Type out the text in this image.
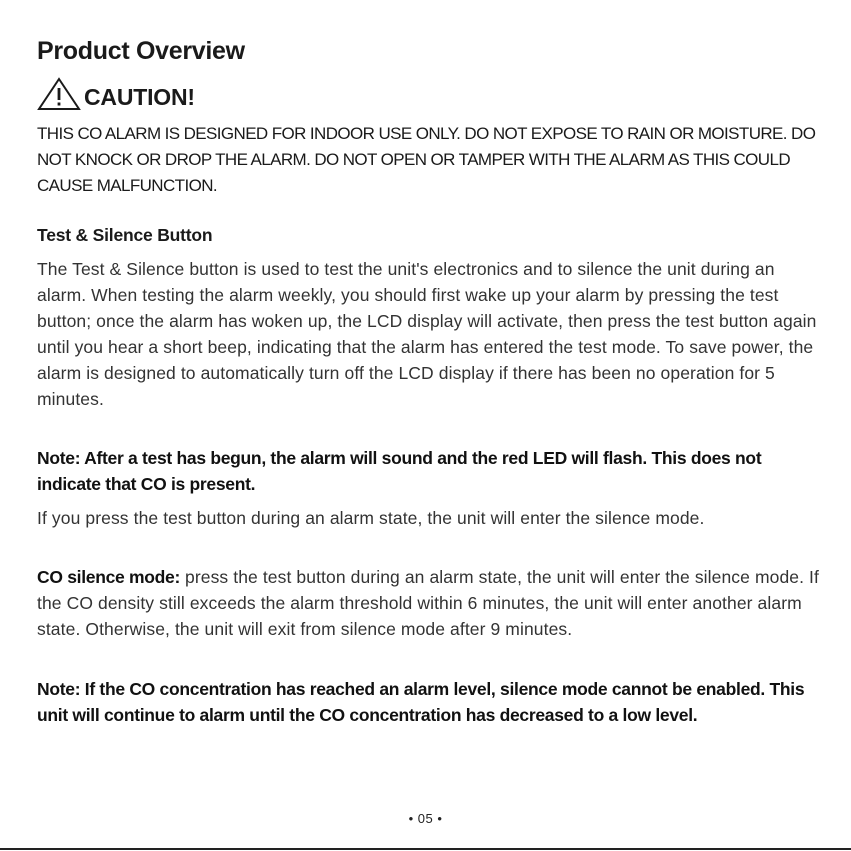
Product Overview
CAUTION!
THIS CO ALARM IS DESIGNED FOR INDOOR USE ONLY. DO NOT EXPOSE TO RAIN OR MOISTURE. DO NOT KNOCK OR DROP THE ALARM. DO NOT OPEN OR TAMPER WITH THE ALARM AS THIS COULD CAUSE MALFUNCTION.
Test & Silence Button
The Test & Silence button is used to test the unit's electronics and to silence the unit during an alarm. When testing the alarm weekly, you should first wake up your alarm by pressing the test button; once the alarm has woken up, the LCD display will activate, then press the test button again until you hear a short beep, indicating that the alarm has entered the test mode. To save power, the alarm is designed to automatically turn off the LCD display if there has been no operation for 5 minutes.
Note: After a test has begun, the alarm will sound and the red LED will flash. This does not indicate that CO is present.
If you press the test button during an alarm state, the unit will enter the silence mode.
CO silence mode: press the test button during an alarm state, the unit will enter the silence mode. If the CO density still exceeds the alarm threshold within 6 minutes, the unit will enter another alarm state. Otherwise, the unit will exit from silence mode after 9 minutes.
Note: If the CO concentration has reached an alarm level, silence mode cannot be enabled. This unit will continue to alarm until the CO concentration has decreased to a low level.
• 05 •
